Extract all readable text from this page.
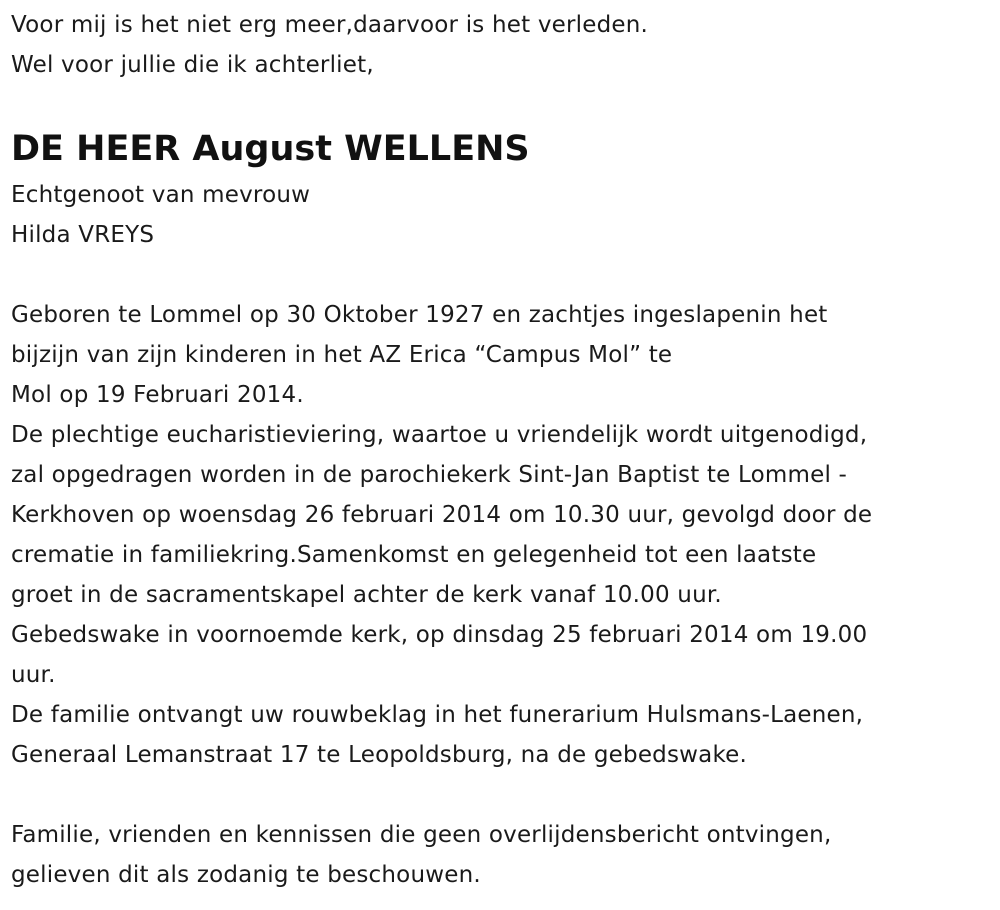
Voor mij is het niet erg meer,daarvoor is het verleden.
Wel voor jullie die ik achterliet,
DE HEER August WELLENS
Echtgenoot van mevrouw
Hilda VREYS
Geboren te Lommel op 30 Oktober 1927 en zachtjes ingeslapenin het
bijzijn van zijn kinderen in het AZ Erica “Campus Mol” te
Mol op 19 Februari 2014.
De plechtige eucharistieviering, waartoe u vriendelijk wordt uitgenodigd,
zal opgedragen worden in de parochiekerk Sint-Jan Baptist te Lommel -
Kerkhoven op woensdag 26 februari 2014 om 10.30 uur, gevolgd door de
crematie in familiekring.Samenkomst en gelegenheid tot een laatste
groet in de sacramentskapel achter de kerk vanaf 10.00 uur.
Gebedswake in voornoemde kerk, op dinsdag 25 februari 2014 om 19.00
uur.
De familie ontvangt uw rouwbeklag in het funerarium Hulsmans-Laenen,
Generaal Lemanstraat 17 te Leopoldsburg, na de gebedswake.
Familie, vrienden en kennissen die geen overlijdensbericht ontvingen,
gelieven dit als zodanig te beschouwen.
